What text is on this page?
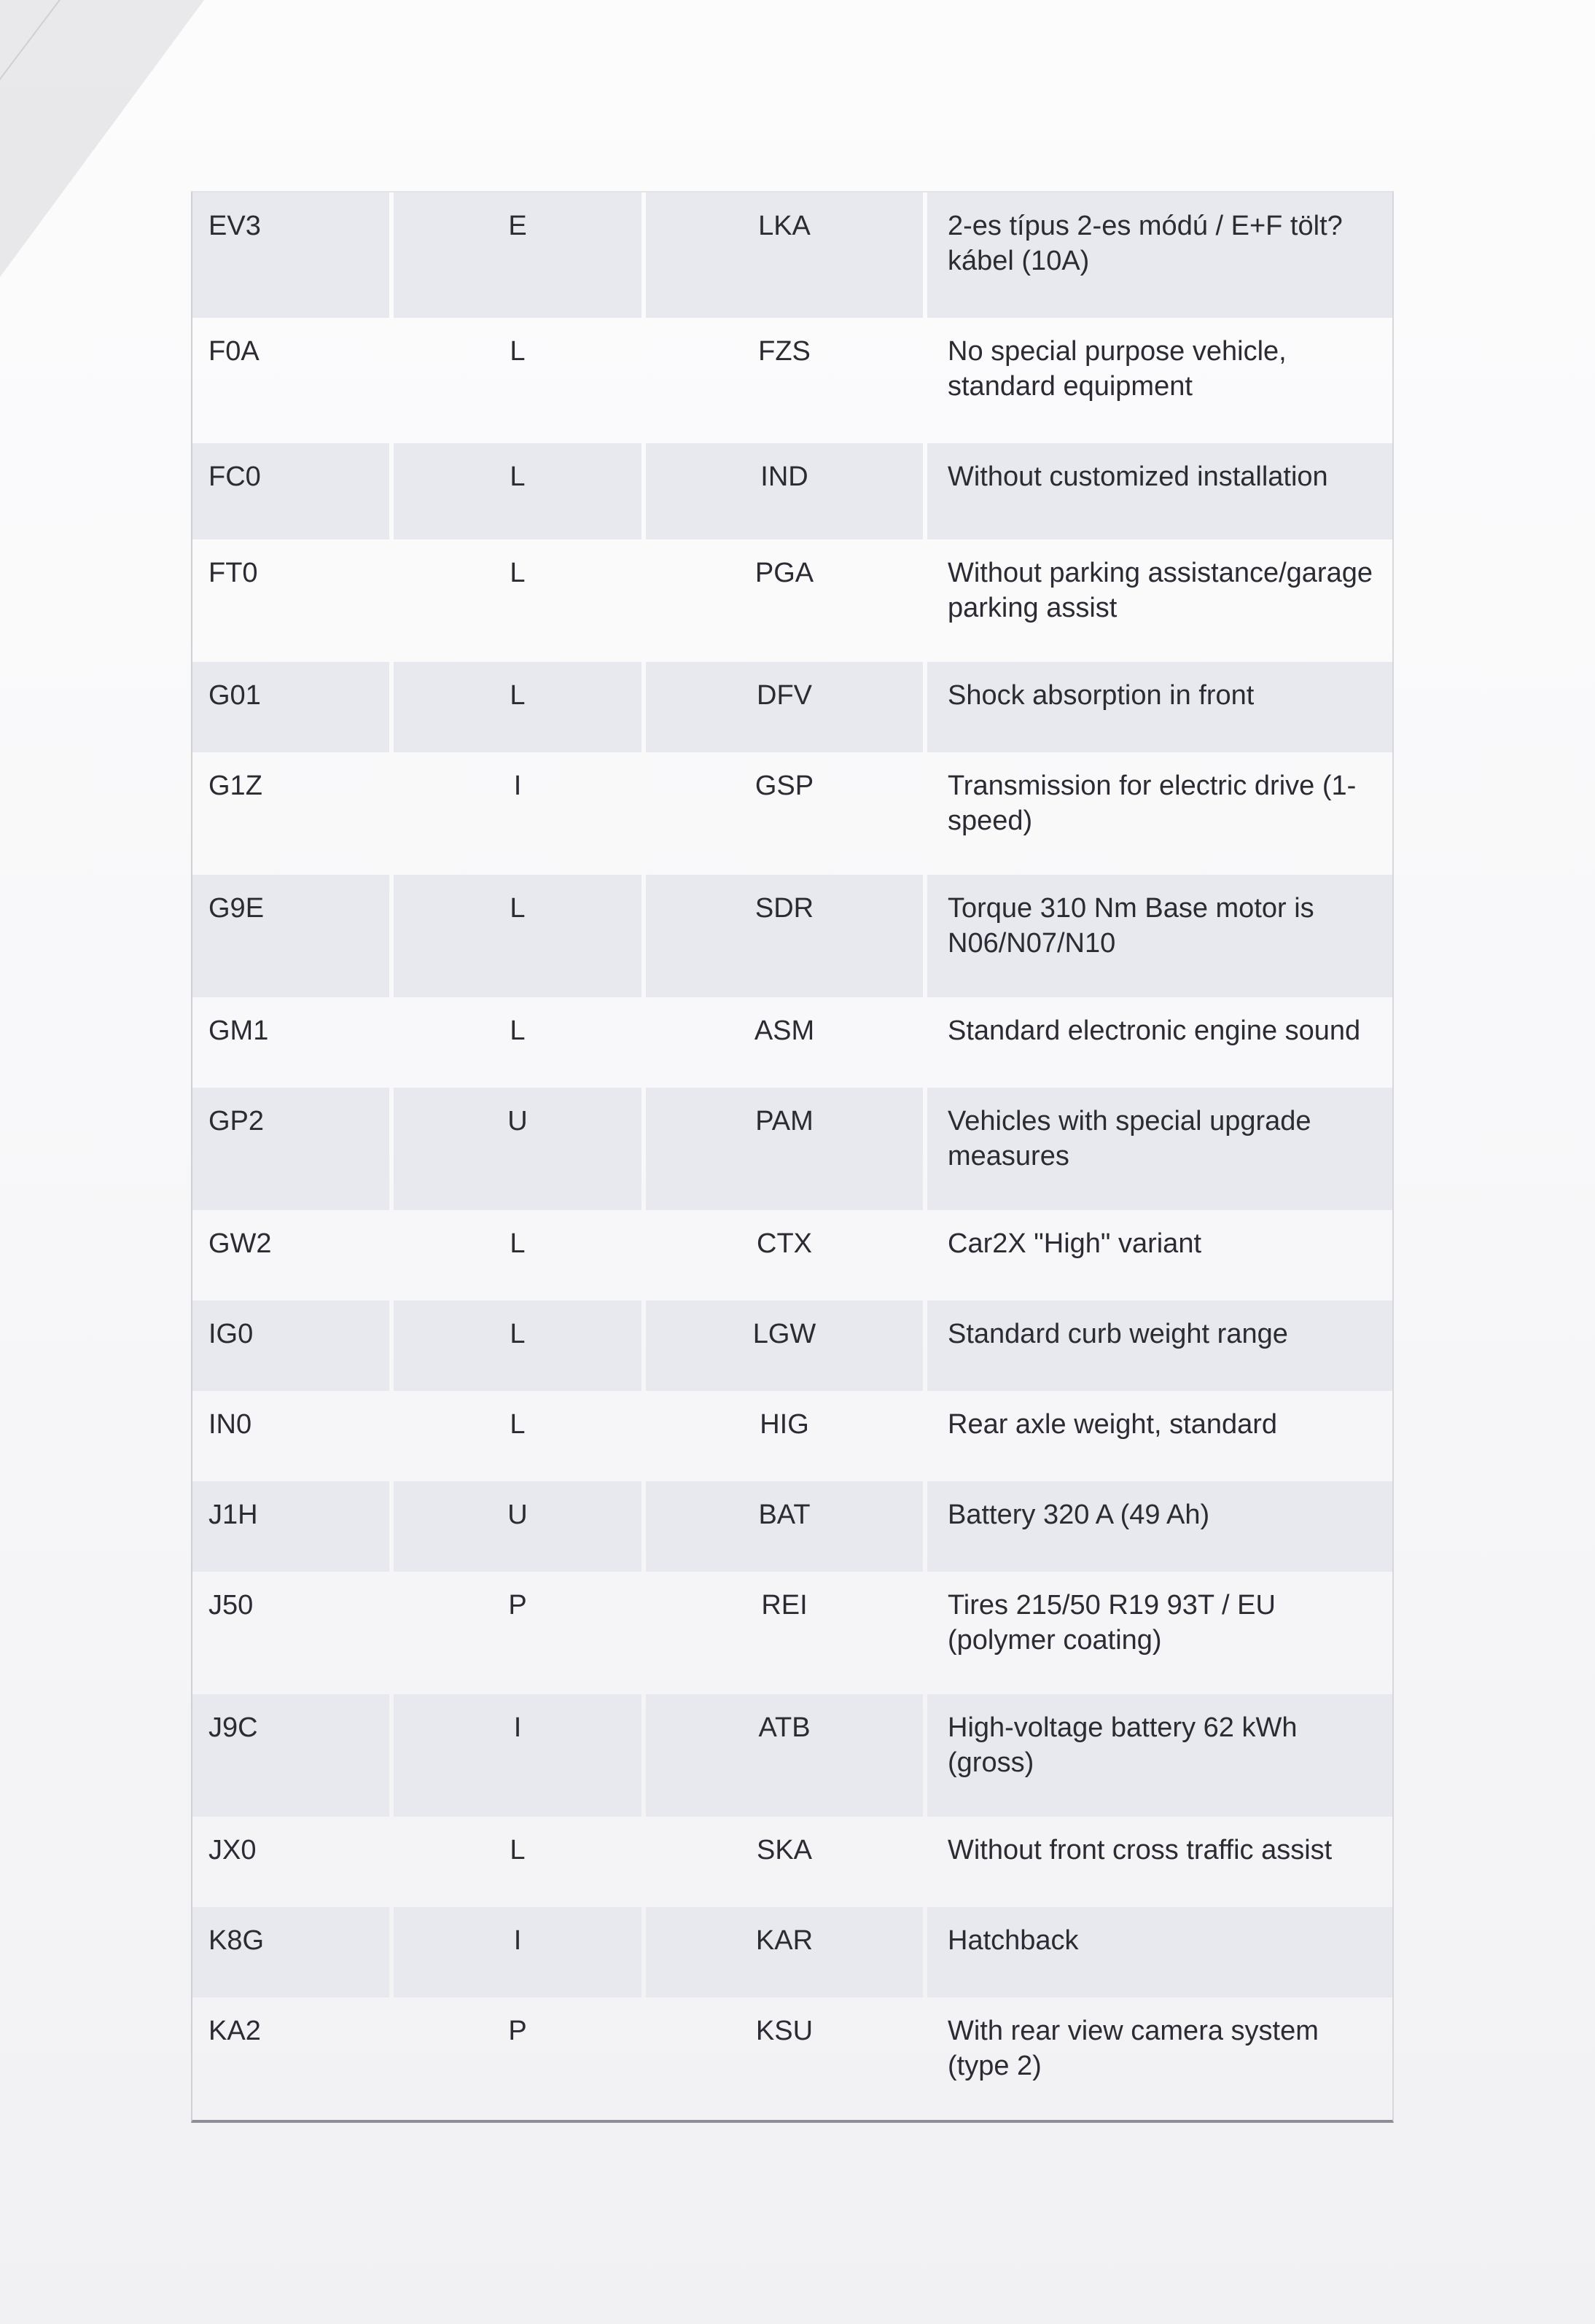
EV3	E	LKA	2-es típus 2-es módú / E+F tölt?kábel (10A)
F0A	L	FZS	No special purpose vehicle, standard equipment
FC0	L	IND	Without customized installation
FT0	L	PGA	Without parking assistance/garage parking assist
G01	L	DFV	Shock absorption in front
G1Z	I	GSP	Transmission for electric drive (1-speed)
G9E	L	SDR	Torque 310 Nm Base motor is N06/N07/N10
GM1	L	ASM	Standard electronic engine sound
GP2	U	PAM	Vehicles with special upgrade measures
GW2	L	CTX	Car2X "High" variant
IG0	L	LGW	Standard curb weight range
IN0	L	HIG	Rear axle weight, standard
J1H	U	BAT	Battery 320 A (49 Ah)
J50	P	REI	Tires 215/50 R19 93T / EU (polymer coating)
J9C	I	ATB	High-voltage battery 62 kWh (gross)
JX0	L	SKA	Without front cross traffic assist
K8G	I	KAR	Hatchback
KA2	P	KSU	With rear view camera system (type 2)
